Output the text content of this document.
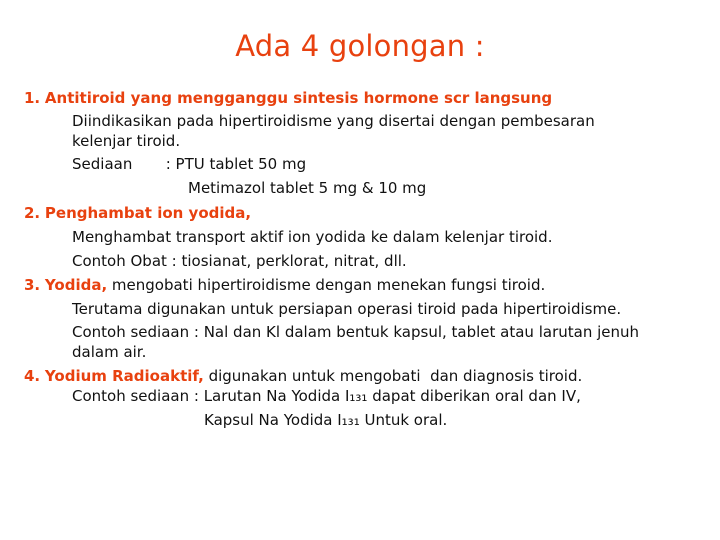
Ada 4 golongan :
1. Antitiroid yang mengganggu sintesis hormone scr langsung
Diindikasikan pada hipertiroidisme yang disertai dengan pembesaran
kelenjar tiroid.
Sediaan       : PTU tablet 50 mg
Metimazol tablet 5 mg & 10 mg
2. Penghambat ion yodida,
Menghambat transport aktif ion yodida ke dalam kelenjar tiroid.
Contoh Obat : tiosianat, perklorat, nitrat, dll.
3. Yodida, mengobati hipertiroidisme dengan menekan fungsi tiroid.
Terutama digunakan untuk persiapan operasi tiroid pada hipertiroidisme.
Contoh sediaan : Nal dan Kl dalam bentuk kapsul, tablet atau larutan jenuh
dalam air.
4. Yodium Radioaktif, digunakan untuk mengobati  dan diagnosis tiroid.
Contoh sediaan : Larutan Na Yodida I₁₃₁ dapat diberikan oral dan IV,
Kapsul Na Yodida I₁₃₁ Untuk oral.
